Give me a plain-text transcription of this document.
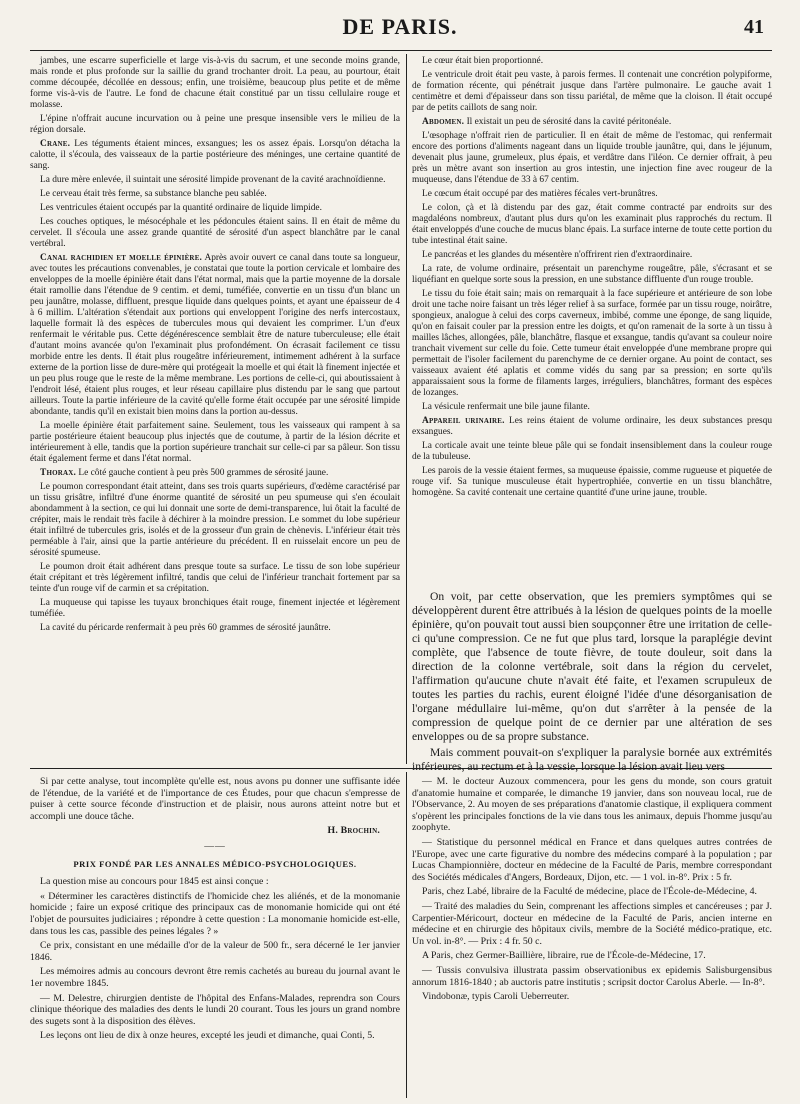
DE PARIS.	41

jambes, une escarre superficielle et large vis-à-vis du sacrum, et une seconde moins grande, mais ronde et plus profonde sur la saillie du grand trochanter droit. La peau, au pourtour, était comme découpée, décollée en dessous; enfin, une troisième, beaucoup plus petite et de même forme vis-à-vis de l'autre. Le fond de chacune était constitué par un tissu cellulaire rouge et molasse.

L'épine n'offrait aucune incurvation ou à peine une presque insensible vers le milieu de la région dorsale.

Crane. Les téguments étaient minces, exsangues; les os assez épais. Lorsqu'on détacha la calotte, il s'écoula, des vaisseaux de la partie postérieure des méninges, une certaine quantité de sang.

La dure mère enlevée, il suintait une sérosité limpide provenant de la cavité arachnoïdienne.

Le cerveau était très ferme, sa substance blanche peu sablée.

Les ventricules étaient occupés par la quantité ordinaire de liquide limpide.

Les couches optiques, le mésocéphale et les pédoncules étaient sains. Il en était de même du cervelet. Il s'écoula une assez grande quantité de sérosité d'un aspect blanchâtre par le canal vertébral.

Canal rachidien et moelle épinière. Après avoir ouvert ce canal dans toute sa longueur, avec toutes les précautions convenables, je constatai que toute la portion cervicale et lombaire des enveloppes de la moelle épinière était dans l'état normal, mais que la partie moyenne de la dorsale était ramollie dans l'étendue de 9 centim. et demi, tuméfiée, convertie en un tissu d'un blanc un peu jaunâtre, molasse, diffluent, presque liquide dans quelques points, et ayant une épaisseur de 4 à 6 millim. L'altération s'étendait aux portions qui enveloppent l'origine des nerfs intercostaux, laquelle formait là des espèces de tubercules mous qui devaient les comprimer. L'un d'eux renfermait le véritable pus. Cette dégénérescence semblait être de nature tuberculeuse; elle était d'autant moins avancée qu'on l'examinait plus profondément. On écrasait facilement ce tissu morbide entre les dents. Il était plus rougeâtre inférieurement, intimement adhérent à la surface externe de la portion lisse de dure-mère qui protégeait la moelle et qui était là finement injectée et un peu plus rouge que le reste de la même membrane. Les portions de celle-ci, qui aboutissaient à l'endroit lésé, étaient plus rouges, et leur réseau capillaire plus distendu par le sang que partout ailleurs. Toute la partie inférieure de la cavité qu'elle forme était occupée par une sérosité limpide abondante, tandis qu'il en existait bien moins dans la portion au-dessus.

La moelle épinière était parfaitement saine. Seulement, tous les vaisseaux qui rampent à sa partie postérieure étaient beaucoup plus injectés que de coutume, à partir de la lésion décrite et intérieurement à elle, tandis que la portion supérieure tranchait sur celle-ci par sa pâleur. Son tissu était également ferme et dans l'état normal.

Thorax. Le côté gauche contient à peu près 500 grammes de sérosité jaune.

Le poumon correspondant était atteint, dans ses trois quarts supérieurs, d'œdème caractérisé par un tissu grisâtre, infiltré d'une énorme quantité de sérosité un peu spumeuse qui s'en écoulait abondamment à la section, ce qui lui donnait une sorte de demi-transparence, lui ôtait la faculté de crépiter, mais le rendait très facile à déchirer à la moindre pression. Le sommet du lobe supérieur était infiltré de tubercules gris, isolés et de la grosseur d'un grain de chènevis. L'inférieur était très perméable à l'air, ainsi que la partie antérieure du précédent. Il en ruisselait encore un peu de sérosité spumeuse.

Le poumon droit était adhérent dans presque toute sa surface. Le tissu de son lobe supérieur était crépitant et très légèrement infiltré, tandis que celui de l'inférieur tranchait fortement par sa teinte d'un rouge vif de carmin et sa crépitation.

La muqueuse qui tapisse les tuyaux bronchiques était rouge, finement injectée et légèrement tuméfiée.

La cavité du péricarde renfermait à peu près 60 grammes de sérosité jaunâtre.

Le cœur était bien proportionné.

Le ventricule droit était peu vaste, à parois fermes. Il contenait une concrétion polypiforme, de formation récente, qui pénétrait jusque dans l'artère pulmonaire. Le gauche avait 1 centimètre et demi d'épaisseur dans son tissu pariétal, de même que la cloison. Il était occupé par de petits caillots de sang noir.

Abdomen. Il existait un peu de sérosité dans la cavité péritonéale.

L'œsophage n'offrait rien de particulier. Il en était de même de l'estomac, qui renfermait encore des portions d'aliments nageant dans un liquide trouble jaunâtre, qui, dans le jéjunum, devenait plus jaune, grumeleux, plus épais, et verdâtre dans l'iléon. Ce dernier offrait, à peu près un mètre avant son insertion au gros intestin, une injection fine avec rougeur de la muqueuse, dans l'étendue de 33 à 67 centim.

Le cœcum était occupé par des matières fécales vert-brunâtres.

Le colon, çà et là distendu par des gaz, était comme contracté par endroits sur des magdaléons nombreux, d'autant plus durs qu'on les examinait plus rapprochés du rectum. Il était enveloppés d'une couche de mucus blanc épais. La surface interne de toute cette portion du tube intestinal était saine.

Le pancréas et les glandes du mésentère n'offrirent rien d'extraordinaire.

La rate, de volume ordinaire, présentait un parenchyme rougeâtre, pâle, s'écrasant et se liquéfiant en quelque sorte sous la pression, en une substance diffluente d'un rouge trouble.

Le tissu du foie était sain; mais on remarquait à la face supérieure et antérieure de son lobe droit une tache noire faisant un très léger relief à sa surface, formée par un tissu rouge, noirâtre, spongieux, analogue à celui des corps caverneux, imbibé, comme une éponge, de sang liquide, qu'on en faisait couler par la pression entre les doigts, et qu'on ramenait de la sorte à un tissu à mailles lâches, allongées, pâle, blanchâtre, flasque et exsangue, tandis qu'avant sa couleur noire tranchait vivement sur celle du foie. Cette tumeur était enveloppée d'une membrane propre qui permettait de l'isoler facilement du parenchyme de ce dernier organe. Au point de contact, ses vaisseaux avaient été aplatis et comme vidés du sang par sa pression; en sorte qu'ils apparaissaient sous la forme de filaments larges, irréguliers, blanchâtres, formant des espèces de lozanges.

La vésicule renfermait une bile jaune filante.

Appareil urinaire. Les reins étaient de volume ordinaire, les deux substances presqu exsangues.

La corticale avait une teinte bleue pâle qui se fondait insensiblement dans la couleur rouge de la tubuleuse.

Les parois de la vessie étaient fermes, sa muqueuse épaissie, comme rugueuse et piquetée de rouge vif. Sa tunique musculeuse était hypertrophiée, convertie en un tissu blanchâtre, homogène. Sa cavité contenait une certaine quantité d'une urine jaune, trouble.

On voit, par cette observation, que les premiers symptômes qui se développèrent durent être attribués à la lésion de quelques points de la moelle épinière, qu'on pouvait tout aussi bien soupçonner être une irritation de celle-ci qu'une compression. Ce ne fut que plus tard, lorsque la paraplégie devint complète, que l'absence de toute fièvre, de toute douleur, soit dans la direction de la colonne vertébrale, soit dans la région du cervelet, l'affirmation qu'aucune chute n'avait été faite, et l'examen scrupuleux de toutes les parties du rachis, eurent éloigné l'idée d'une désorganisation de l'organe médullaire lui-même, qu'on dut s'arrêter à la pensée de la compression de quelque point de ce dernier par une altération de ses enveloppes ou de sa propre substance.

Mais comment pouvait-on s'expliquer la paralysie bornée aux extrémités inférieures, au rectum et à la vessie, lorsque la lésion avait lieu vers

Si par cette analyse, tout incomplète qu'elle est, nous avons pu donner une suffisante idée de l'étendue, de la variété et de l'importance de ces Études, pour que chacun s'empresse de puiser à cette source féconde d'instruction et de plaisir, nous aurons atteint notre but et accompli une douce tâche.

H. Brochin.
——
PRIX FONDÉ PAR LES ANNALES MÉDICO-PSYCHOLOGIQUES.

La question mise au concours pour 1845 est ainsi conçue :

« Déterminer les caractères distinctifs de l'homicide chez les aliénés, et de la monomanie homicide ; faire un exposé critique des principaux cas de monomanie homicide qui ont été l'objet de poursuites judiciaires ; répondre à cette question : La monomanie homicide est-elle, dans tous les cas, passible des peines légales ? »

Ce prix, consistant en une médaille d'or de la valeur de 500 fr., sera décerné le 1er janvier 1846.

Les mémoires admis au concours devront être remis cachetés au bureau du journal avant le 1er novembre 1845.

— M. Delestre, chirurgien dentiste de l'hôpital des Enfans-Malades, reprendra son Cours clinique théorique des maladies des dents le lundi 20 courant. Tous les jours un grand nombre des sugets sont à la disposition des élèves.

Les leçons ont lieu de dix à onze heures, excepté les jeudi et dimanche, quai Conti, 5.

— M. le docteur Auzoux commencera, pour les gens du monde, son cours gratuit d'anatomie humaine et comparée, le dimanche 19 janvier, dans son nouveau local, rue de l'Observance, 2. Au moyen de ses préparations d'anatomie clastique, il expliquera comment s'opèrent les principales fonctions de la vie dans tous les animaux, depuis l'homme jusqu'au zoophyte.

— Statistique du personnel médical en France et dans quelques autres contrées de l'Europe, avec une carte figurative du nombre des médecins comparé à la population ; par Lucas Championnière, docteur en médecine de la Faculté de Paris, membre correspondant des Sociétés médicales d'Angers, Bordeaux, Dijon, etc. — 1 vol. in-8°. Prix : 5 fr.

Paris, chez Labé, libraire de la Faculté de médecine, place de l'École-de-Médecine, 4.

— Traité des maladies du Sein, comprenant les affections simples et cancéreuses ; par J. Carpentier-Méricourt, docteur en médecine de la Faculté de Paris, ancien interne en médecine et en chirurgie des hôpitaux civils, membre de la Société médico-pratique, etc. Un vol. in-8°. — Prix : 4 fr. 50 c.

A Paris, chez Germer-Baillière, libraire, rue de l'École-de-Médecine, 17.

— Tussis convulsiva illustrata passim observationibus ex epidemis Salisburgensibus annorum 1816-1840 ; ab auctoris patre institutis ; scripsit doctor Carolus Aberle. — In-8°.

Vindobonæ, typis Caroli Ueberreuter.
